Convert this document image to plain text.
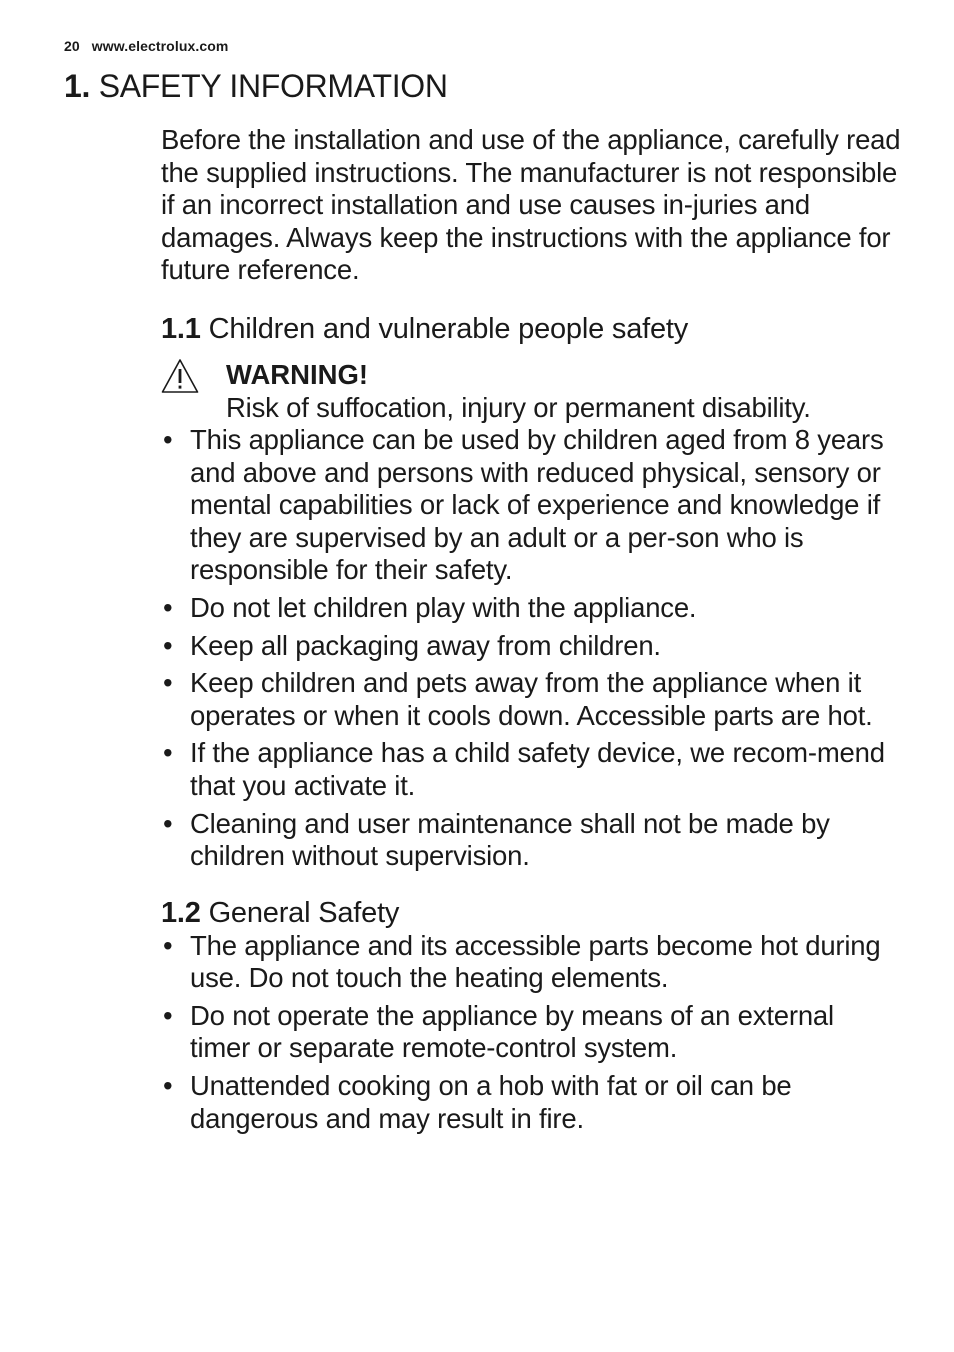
20 www.electrolux.com
1. SAFETY INFORMATION

Before the installation and use of the appliance, carefully read the supplied instructions. The manufacturer is not responsible if an incorrect installation and use causes in-juries and damages. Always keep the instructions with the appliance for future reference.

1.1 Children and vulnerable people safety
WARNING!
Risk of suffocation, injury or permanent disability.
• This appliance can be used by children aged from 8 years and above and persons with reduced physical, sensory or mental capabilities or lack of experience and knowledge if they are supervised by an adult or a per-son who is responsible for their safety.
• Do not let children play with the appliance.
• Keep all packaging away from children.
• Keep children and pets away from the appliance when it operates or when it cools down. Accessible parts are hot.
• If the appliance has a child safety device, we recom-mend that you activate it.
• Cleaning and user maintenance shall not be made by children without supervision.
1.2 General Safety
• The appliance and its accessible parts become hot during use. Do not touch the heating elements.
• Do not operate the appliance by means of an external timer or separate remote-control system.
• Unattended cooking on a hob with fat or oil can be dangerous and may result in fire.
